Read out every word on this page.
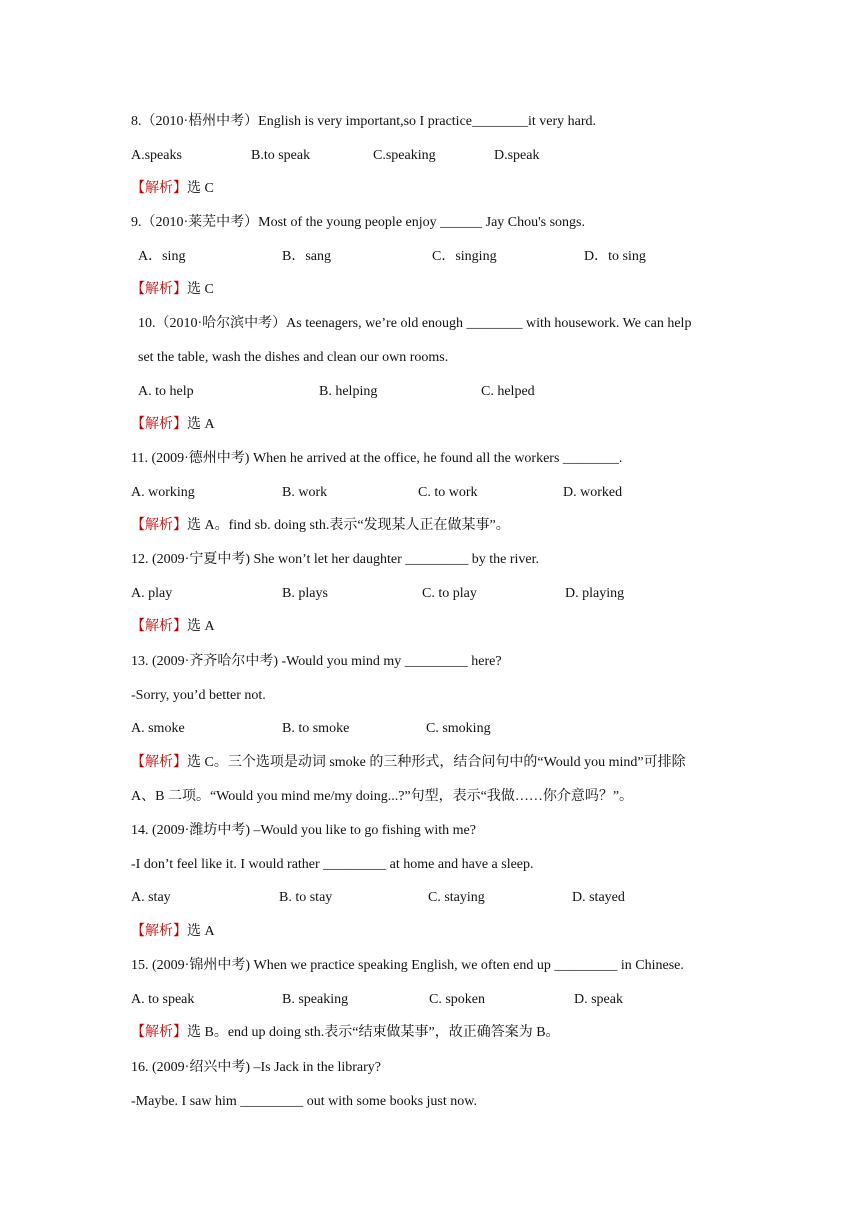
8.（2010·梧州中考）English is very important,so I practice________it very hard.
A.speaks	B.to speak	C.speaking	D.speak
【解析】选 C
9.（2010·莱芜中考）Most of the young people enjoy ______ Jay Chou's songs.
A．sing	B．sang	C．singing	D．to sing
【解析】选 C
10.（2010·哈尔滨中考）As teenagers, we’re old enough ________ with housework. We can help
set the table, wash the dishes and clean our own rooms.
A. to help	B. helping	C. helped
【解析】选 A
11. (2009·德州中考) When he arrived at the office, he found all the workers ________.
A. working	B. work	C. to work	D. worked
【解析】选 A。find sb. doing sth.表示“发现某人正在做某事”。
12. (2009·宁夏中考) She won’t let her daughter _________ by the river.
A. play	B. plays	C. to play	D. playing
【解析】选 A
13. (2009·齐齐哈尔中考) -Would you mind my _________ here?
-Sorry, you’d better not.
A. smoke	B. to smoke	C. smoking
【解析】选 C。三个选项是动词 smoke 的三种形式，结合问句中的“Would you mind”可排除
A、B 二项。“Would you mind me/my doing...?”句型，表示“我做……你介意吗？”。
14. (2009·潍坊中考) –Would you like to go fishing with me?
-I don’t feel like it. I would rather _________ at home and have a sleep.
A. stay	B. to stay	C. staying	D. stayed
【解析】选 A
15. (2009·锦州中考) When we practice speaking English, we often end up _________ in Chinese.
A. to speak	B. speaking	C. spoken	D. speak
【解析】选 B。end up doing sth.表示“结束做某事”，故正确答案为 B。
16. (2009·绍兴中考) –Is Jack in the library?
-Maybe. I saw him _________ out with some books just now.
